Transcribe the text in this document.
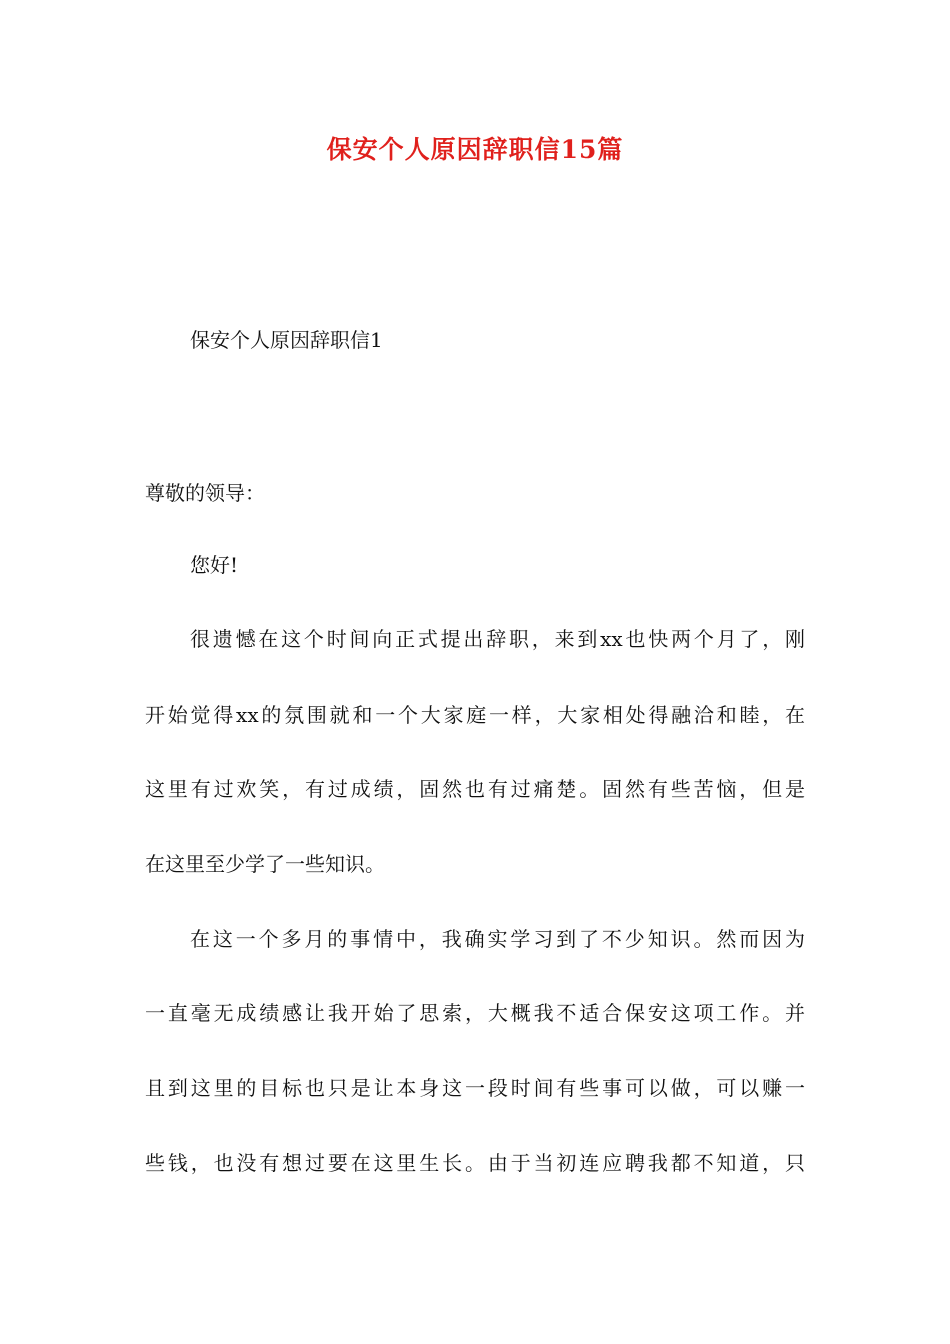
保安个人原因辞职信15篇
保安个人原因辞职信1
尊敬的领导：
您好!
很遗憾在这个时间向正式提出辞职，来到xx也快两个月了，刚
开始觉得xx的氛围就和一个大家庭一样，大家相处得融洽和睦，在
这里有过欢笑，有过成绩，固然也有过痛楚。固然有些苦恼，但是
在这里至少学了一些知识。
在这一个多月的事情中，我确实学习到了不少知识。然而因为
一直毫无成绩感让我开始了思索，大概我不适合保安这项工作。并
且到这里的目标也只是让本身这一段时间有些事可以做，可以赚一
些钱，也没有想过要在这里生长。由于当初连应聘我都不知道，只
